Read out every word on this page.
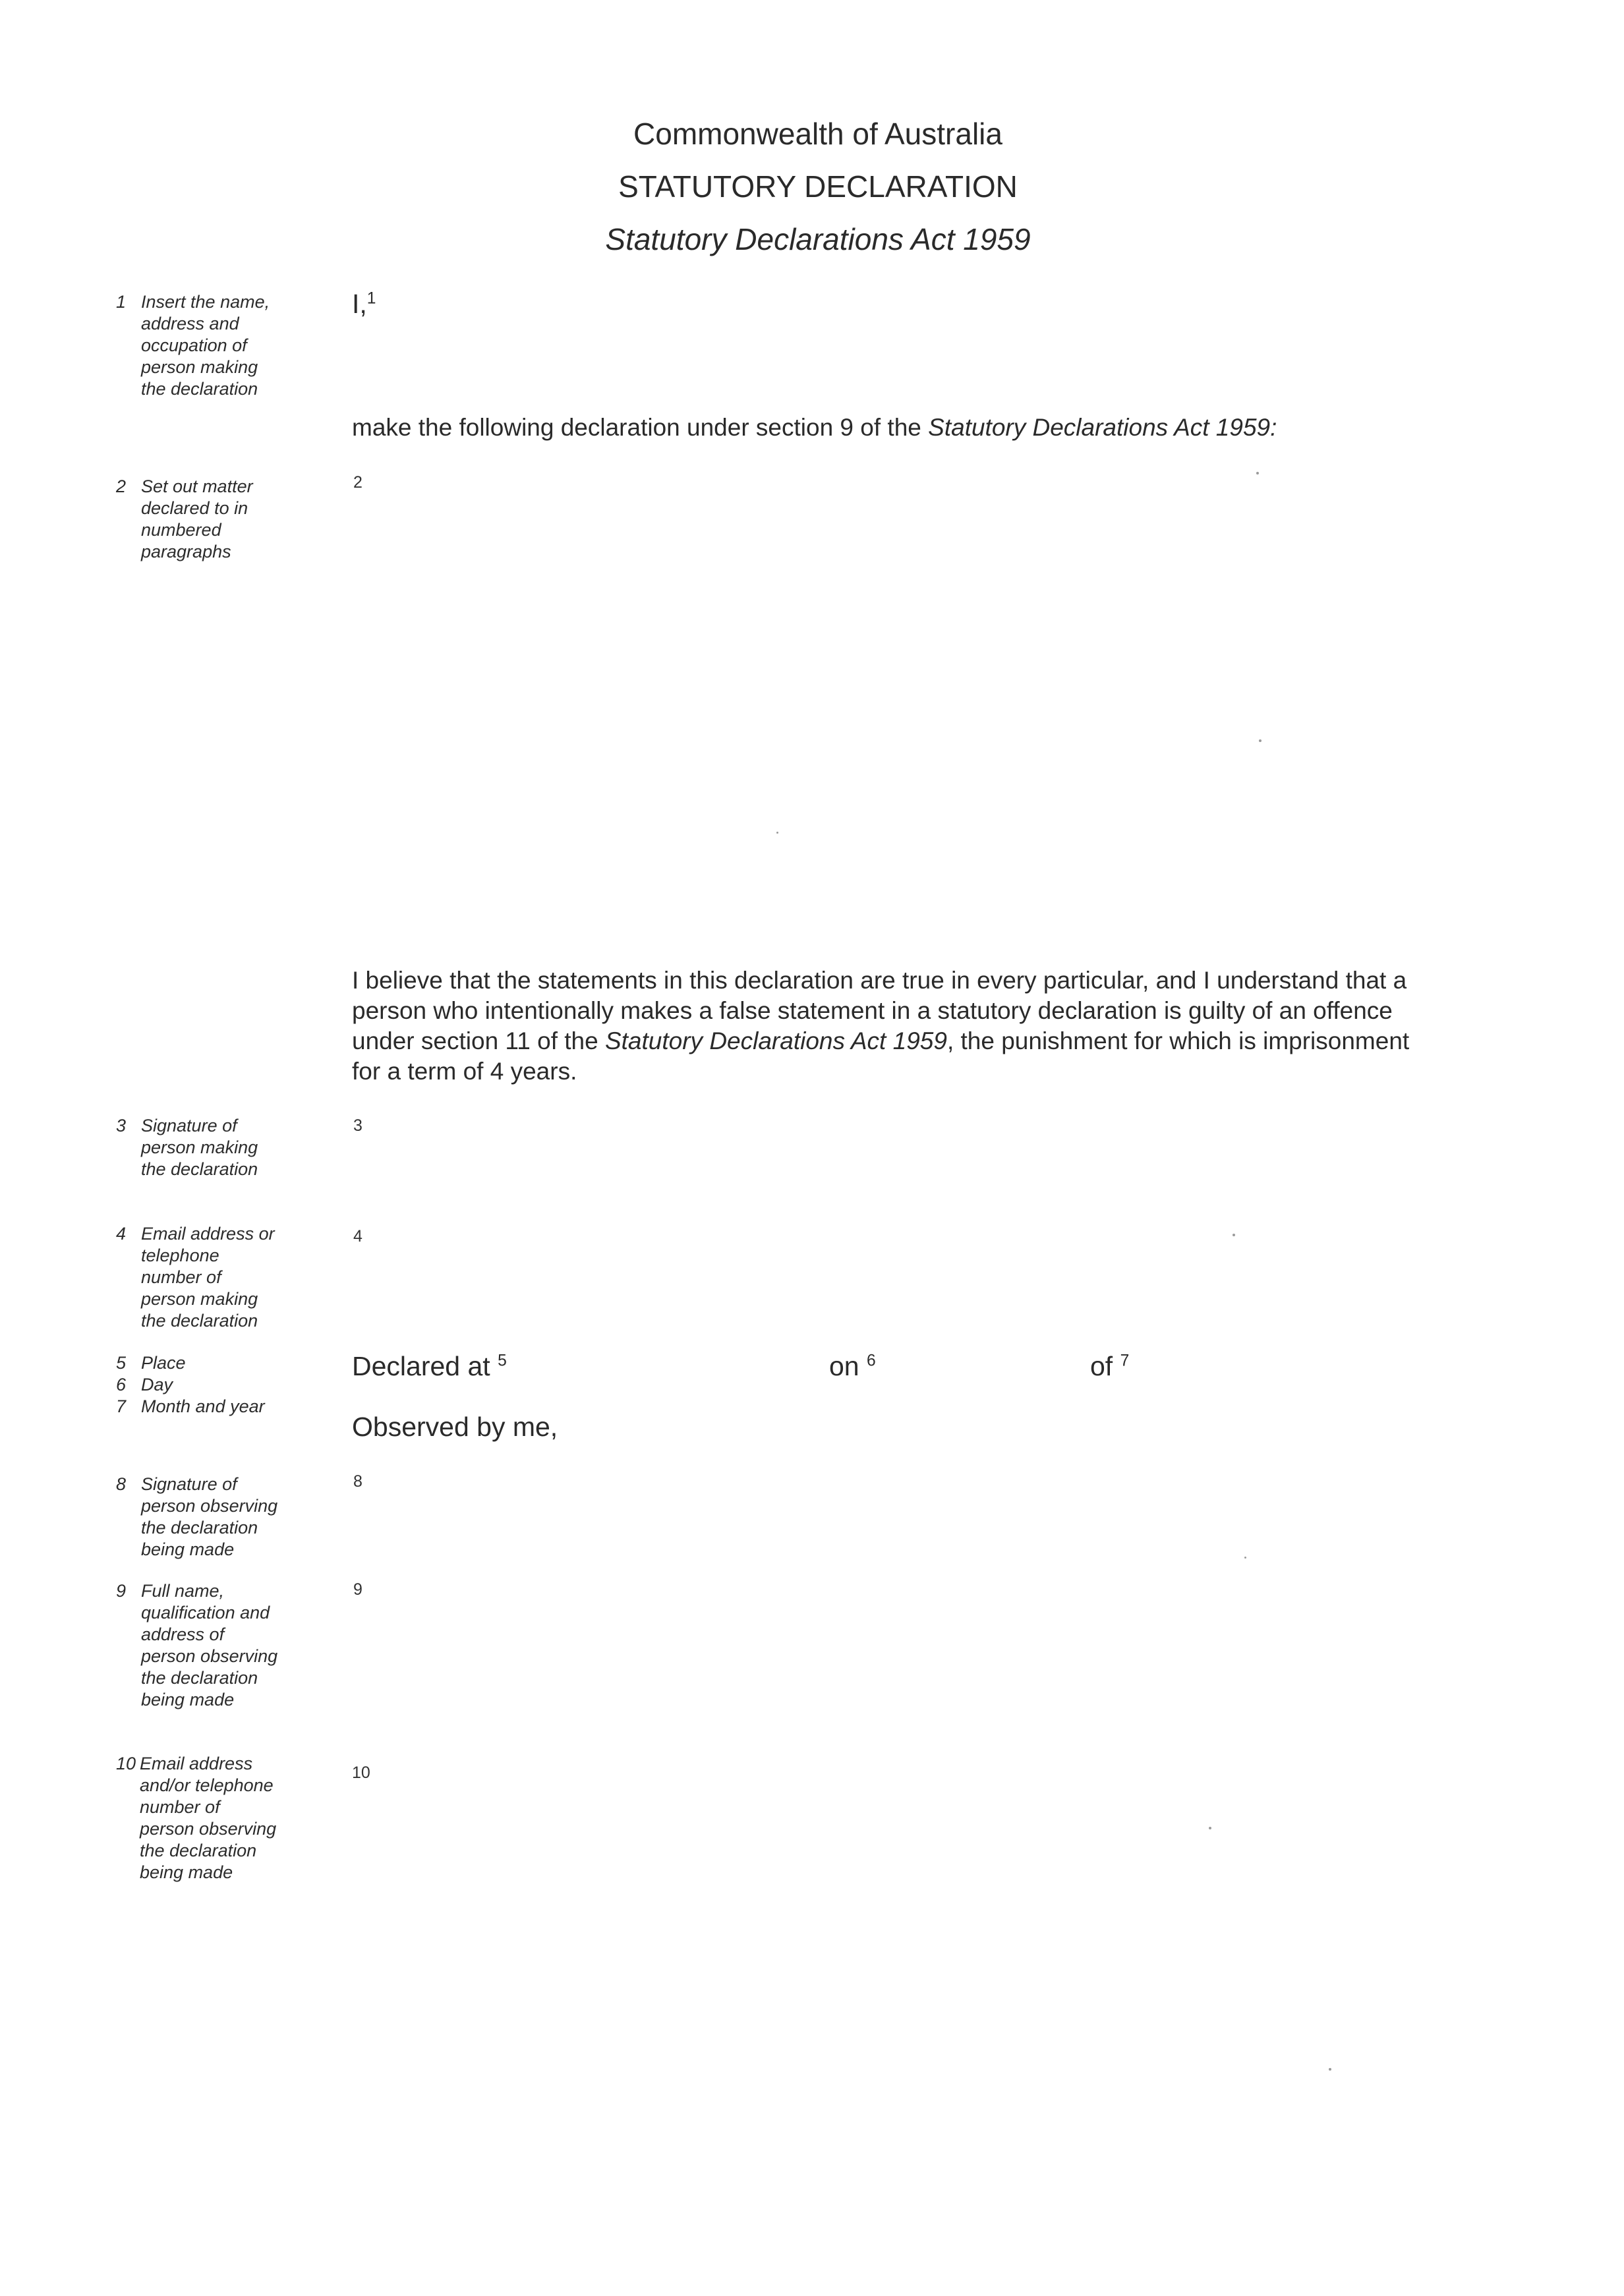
Commonwealth of Australia
STATUTORY DECLARATION
Statutory Declarations Act 1959
1 Insert the name,
address and
occupation of
person making
the declaration
I,$^1$
make the following declaration under section 9 of the Statutory Declarations Act 1959:
2 Set out matter
declared to in
numbered
paragraphs
2
I believe that the statements in this declaration are true in every particular, and I understand that a
person who intentionally makes a false statement in a statutory declaration is guilty of an offence
under section 11 of the Statutory Declarations Act 1959, the punishment for which is imprisonment
for a term of 4 years.
3 Signature of
person making
the declaration
3
4 Email address or
telephone
number of
person making
the declaration
4
5 Place
6 Day
7 Month and year
Declared at $^5$	on $^6$	of $^7$
Observed by me,
8 Signature of
person observing
the declaration
being made
8
9 Full name,
qualification and
address of
person observing
the declaration
being made
9
10 Email address
and/or telephone
number of
person observing
the declaration
being made
10
